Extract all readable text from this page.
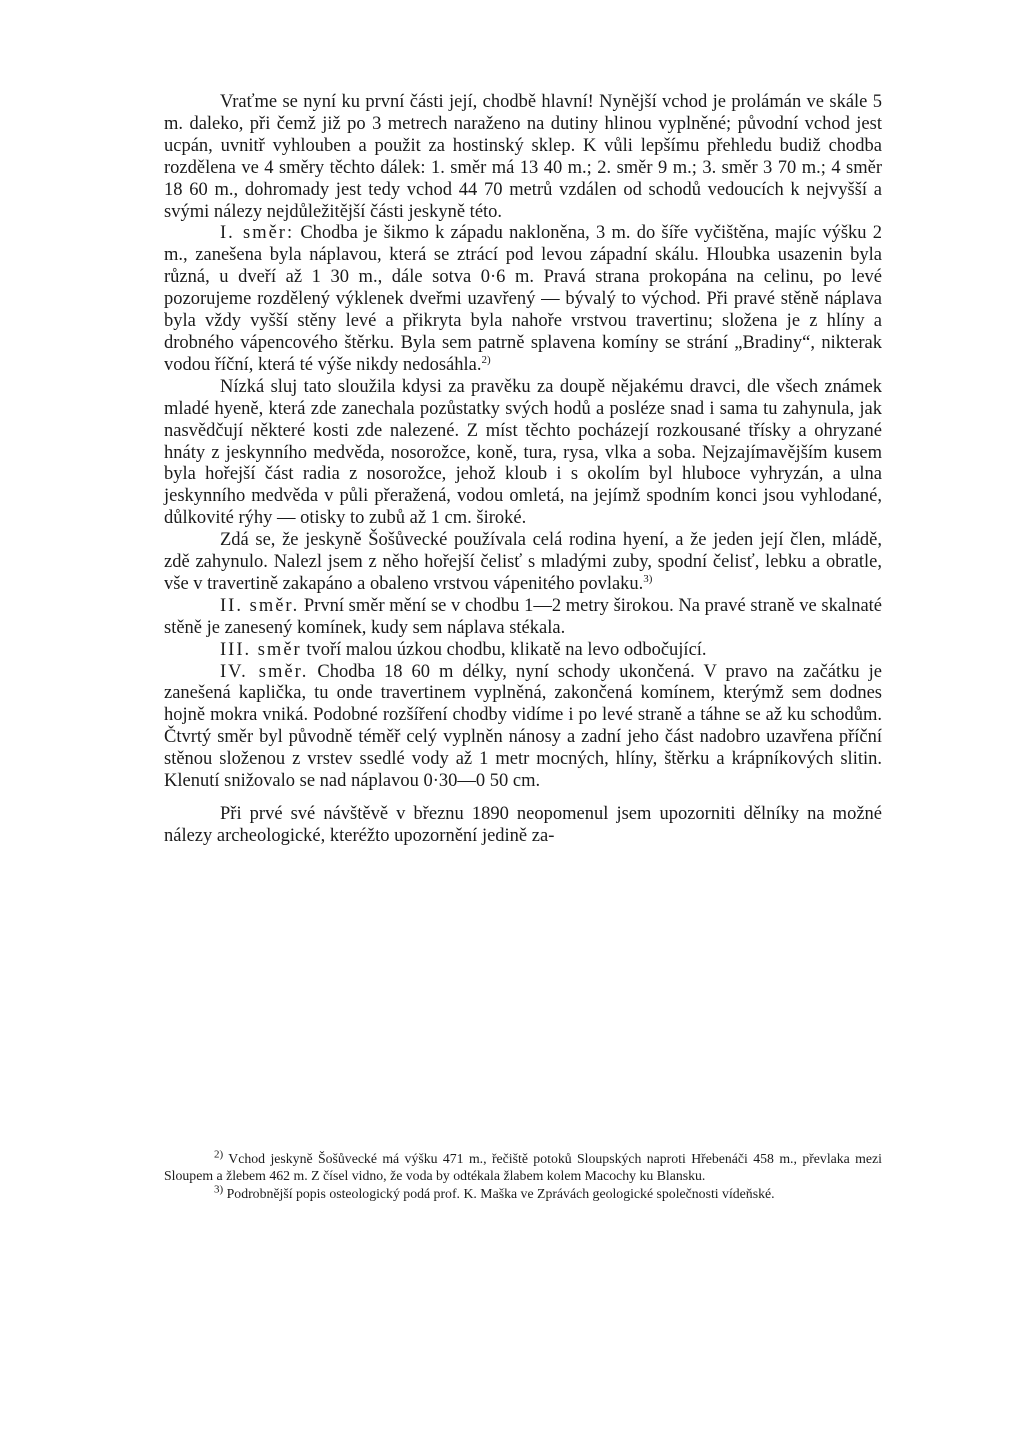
Vraťme se nyní ku první části její, chodbě hlavní! Nynější vchod je prolámán ve skále 5 m. daleko, při čemž již po 3 metrech naraženo na dutiny hlinou vyplněné; původní vchod jest ucpán, uvnitř vyhlouben a použit za hostinský sklep. K vůli lepšímu přehledu budiž chodba rozdělena ve 4 směry těchto dálek: 1. směr má 13 40 m.; 2. směr 9 m.; 3. směr 3 70 m.; 4 směr 18 60 m., dohromady jest tedy vchod 44 70 metrů vzdálen od schodů vedoucích k nejvyšší a svými nálezy nejdůležitější části jeskyně této.

I. směr: Chodba je šikmo k západu nakloněna, 3 m. do šíře vyčištěna, majíc výšku 2 m., zanešena byla náplavou, která se ztrácí pod levou západní skálu. Hloubka usazenin byla různá, u dveří až 1 30 m., dále sotva 0·6 m. Pravá strana prokopána na celinu, po levé pozorujeme rozdělený výklenek dveřmi uzavřený — bývalý to východ. Při pravé stěně náplava byla vždy vyšší stěny levé a přikryta byla nahoře vrstvou travertinu; složena je z hlíny a drobného vápencového štěrku. Byla sem patrně splavena komíny se strání „Bradiny“, nikterak vodou říční, která té výše nikdy nedosáhla.$^{2)}$

Nízká sluj tato sloužila kdysi za pravěku za doupě nějakému dravci, dle všech známek mladé hyeně, která zde zanechala pozůstatky svých hodů a posléze snad i sama tu zahynula, jak nasvědčují některé kosti zde nalezené. Z míst těchto pocházejí rozkousané třísky a ohryzané hnáty z jeskynního medvěda, nosorožce, koně, tura, rysa, vlka a soba. Nejzajímavějším kusem byla hořejší část radia z nosorožce, jehož kloub i s okolím byl hluboce vyhryzán, a ulna jeskynního medvěda v půli přeražená, vodou omletá, na jejímž spodním konci jsou vyhlodané, důlkovité rýhy — otisky to zubů až 1 cm. široké.

Zdá se, že jeskyně Šošůvecké používala celá rodina hyení, a že jeden její člen, mládě, zdě zahynulo. Nalezl jsem z něho hořejší čelisť s mladými zuby, spodní čelisť, lebku a obratle, vše v travertině zakapáno a obaleno vrstvou vápenitého povlaku.$^{3)}$

II. směr. První směr mění se v chodbu 1—2 metry širokou. Na pravé straně ve skalnaté stěně je zanesený komínek, kudy sem náplava stékala.

III. směr tvoří malou úzkou chodbu, klikatě na levo odbočující.

IV. směr. Chodba 18 60 m délky, nyní schody ukončená. V pravo na začátku je zanešená kaplička, tu onde travertinem vyplněná, zakončená komínem, kterýmž sem dodnes hojně mokra vniká. Podobné rozšíření chodby vidíme i po levé straně a táhne se až ku schodům. Čtvrtý směr byl původně téměř celý vyplněn nánosy a zadní jeho část nadobro uzavřena příční stěnou složenou z vrstev ssedlé vody až 1 metr mocných, hlíny, štěrku a krápníkových slitin. Klenutí snižovalo se nad náplavou 0·30—0 50 cm.

Při prvé své návštěvě v březnu 1890 neopomenul jsem upozorniti dělníky na možné nálezy archeologické, kteréžto upozornění jedině za-

$^{2)}$ Vchod jeskyně Šošůvecké má výšku 471 m., řečiště potoků Sloupských naproti Hřebenáči 458 m., převlaka mezi Sloupem a žlebem 462 m. Z čísel vidno, že voda by odtékala žlabem kolem Macochy ku Blansku.

$^{3)}$ Podrobnější popis osteologický podá prof. K. Maška ve Zprávách geologické společnosti vídeňské.
